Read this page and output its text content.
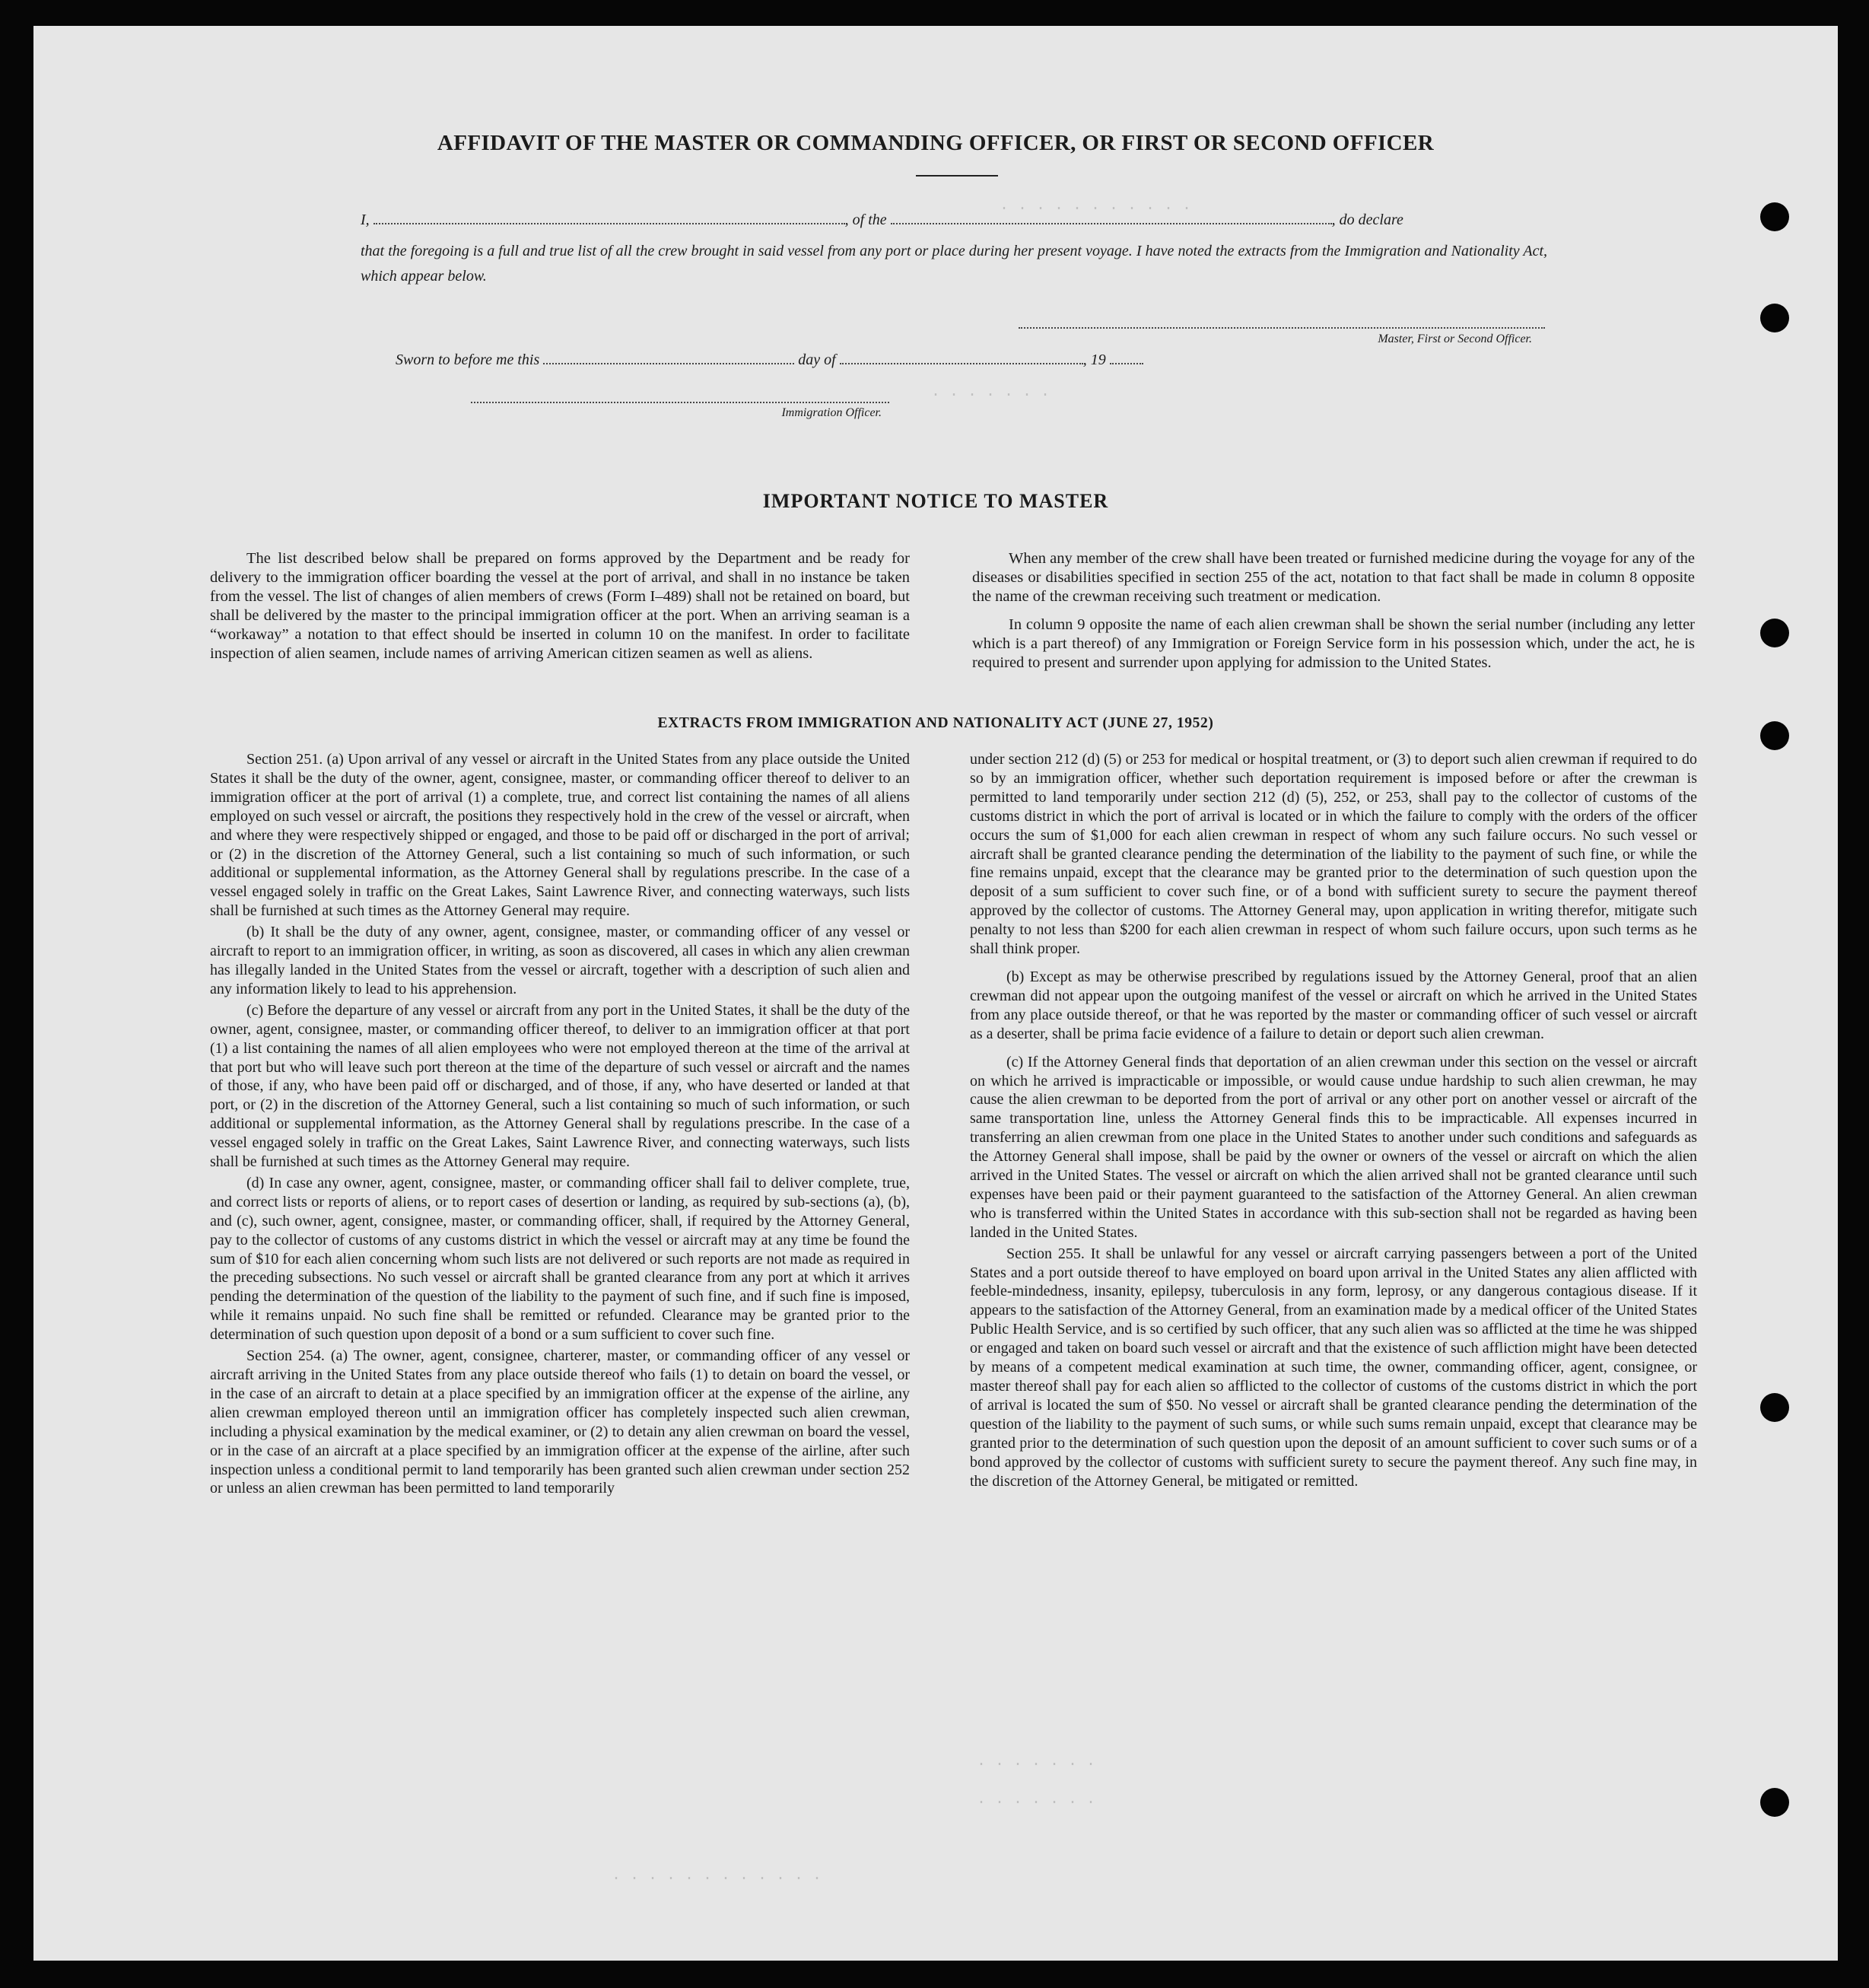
. . . . . . . . . . .
. . . . . . .
. . . . . . .
. . . . . . .
. . . . . . . . . . . .
AFFIDAVIT OF THE MASTER OR COMMANDING OFFICER, OR FIRST OR SECOND OFFICER
I,	, of the	, do declare
that the foregoing is a full and true list of all the crew brought in said vessel from any port or place during her present voyage. I have noted the extracts from the Immigration and Nationality Act, which appear below.
Master, First or Second Officer.
Sworn to before me this	day of	, 19
Immigration Officer.
IMPORTANT NOTICE TO MASTER

The list described below shall be prepared on forms approved by the Department and be ready for delivery to the immigration officer boarding the vessel at the port of arrival, and shall in no instance be taken from the vessel. The list of changes of alien members of crews (Form I–489) shall not be retained on board, but shall be delivered by the master to the principal immigration officer at the port. When an arriving seaman is a “workaway” a notation to that effect should be inserted in column 10 on the manifest. In order to facilitate inspection of alien seamen, include names of arriving American citizen seamen as well as aliens.

When any member of the crew shall have been treated or furnished medicine during the voyage for any of the diseases or disabilities specified in section 255 of the act, notation to that fact shall be made in column 8 opposite the name of the crewman receiving such treatment or medication.

In column 9 opposite the name of each alien crewman shall be shown the serial number (including any letter which is a part thereof) of any Immigration or Foreign Service form in his possession which, under the act, he is required to present and surrender upon applying for admission to the United States.

EXTRACTS FROM IMMIGRATION AND NATIONALITY ACT (JUNE 27, 1952)

Section 251. (a) Upon arrival of any vessel or aircraft in the United States from any place outside the United States it shall be the duty of the owner, agent, consignee, master, or commanding officer thereof to deliver to an immigration officer at the port of arrival (1) a complete, true, and correct list containing the names of all aliens employed on such vessel or aircraft, the positions they respectively hold in the crew of the vessel or aircraft, when and where they were respectively shipped or engaged, and those to be paid off or discharged in the port of arrival; or (2) in the discretion of the Attorney General, such a list containing so much of such information, or such additional or supplemental information, as the Attorney General shall by regulations prescribe. In the case of a vessel engaged solely in traffic on the Great Lakes, Saint Lawrence River, and connecting waterways, such lists shall be furnished at such times as the Attorney General may require.

(b) It shall be the duty of any owner, agent, consignee, master, or commanding officer of any vessel or aircraft to report to an immigration officer, in writing, as soon as discovered, all cases in which any alien crewman has illegally landed in the United States from the vessel or aircraft, together with a description of such alien and any information likely to lead to his apprehension.

(c) Before the departure of any vessel or aircraft from any port in the United States, it shall be the duty of the owner, agent, consignee, master, or commanding officer thereof, to deliver to an immigration officer at that port (1) a list containing the names of all alien employees who were not employed thereon at the time of the arrival at that port but who will leave such port thereon at the time of the departure of such vessel or aircraft and the names of those, if any, who have been paid off or discharged, and of those, if any, who have deserted or landed at that port, or (2) in the discretion of the Attorney General, such a list containing so much of such information, or such additional or supplemental information, as the Attorney General shall by regulations prescribe. In the case of a vessel engaged solely in traffic on the Great Lakes, Saint Lawrence River, and connecting waterways, such lists shall be furnished at such times as the Attorney General may require.

(d) In case any owner, agent, consignee, master, or commanding officer shall fail to deliver complete, true, and correct lists or reports of aliens, or to report cases of desertion or landing, as required by sub-sections (a), (b), and (c), such owner, agent, consignee, master, or commanding officer, shall, if required by the Attorney General, pay to the collector of customs of any customs district in which the vessel or aircraft may at any time be found the sum of $10 for each alien concerning whom such lists are not delivered or such reports are not made as required in the preceding subsections. No such vessel or aircraft shall be granted clearance from any port at which it arrives pending the determination of the question of the liability to the payment of such fine, and if such fine is imposed, while it remains unpaid. No such fine shall be remitted or refunded. Clearance may be granted prior to the determination of such question upon deposit of a bond or a sum sufficient to cover such fine.

Section 254. (a) The owner, agent, consignee, charterer, master, or commanding officer of any vessel or aircraft arriving in the United States from any place outside thereof who fails (1) to detain on board the vessel, or in the case of an aircraft to detain at a place specified by an immigration officer at the expense of the airline, any alien crewman employed thereon until an immigration officer has completely inspected such alien crewman, including a physical examination by the medical examiner, or (2) to detain any alien crewman on board the vessel, or in the case of an aircraft at a place specified by an immigration officer at the expense of the airline, after such inspection unless a conditional permit to land temporarily has been granted such alien crewman under section 252 or unless an alien crewman has been permitted to land temporarily

under section 212 (d) (5) or 253 for medical or hospital treatment, or (3) to deport such alien crewman if required to do so by an immigration officer, whether such deportation requirement is imposed before or after the crewman is permitted to land temporarily under section 212 (d) (5), 252, or 253, shall pay to the collector of customs of the customs district in which the port of arrival is located or in which the failure to comply with the orders of the officer occurs the sum of $1,000 for each alien crewman in respect of whom any such failure occurs. No such vessel or aircraft shall be granted clearance pending the determination of the liability to the payment of such fine, or while the fine remains unpaid, except that the clearance may be granted prior to the determination of such question upon the deposit of a sum sufficient to cover such fine, or of a bond with sufficient surety to secure the payment thereof approved by the collector of customs. The Attorney General may, upon application in writing therefor, mitigate such penalty to not less than $200 for each alien crewman in respect of whom such failure occurs, upon such terms as he shall think proper.

(b) Except as may be otherwise prescribed by regulations issued by the Attorney General, proof that an alien crewman did not appear upon the outgoing manifest of the vessel or aircraft on which he arrived in the United States from any place outside thereof, or that he was reported by the master or commanding officer of such vessel or aircraft as a deserter, shall be prima facie evidence of a failure to detain or deport such alien crewman.

(c) If the Attorney General finds that deportation of an alien crewman under this section on the vessel or aircraft on which he arrived is impracticable or impossible, or would cause undue hardship to such alien crewman, he may cause the alien crewman to be deported from the port of arrival or any other port on another vessel or aircraft of the same transportation line, unless the Attorney General finds this to be impracticable. All expenses incurred in transferring an alien crewman from one place in the United States to another under such conditions and safeguards as the Attorney General shall impose, shall be paid by the owner or owners of the vessel or aircraft on which the alien arrived in the United States. The vessel or aircraft on which the alien arrived shall not be granted clearance until such expenses have been paid or their payment guaranteed to the satisfaction of the Attorney General. An alien crewman who is transferred within the United States in accordance with this sub-section shall not be regarded as having been landed in the United States.

Section 255. It shall be unlawful for any vessel or aircraft carrying passengers between a port of the United States and a port outside thereof to have employed on board upon arrival in the United States any alien afflicted with feeble-mindedness, insanity, epilepsy, tuberculosis in any form, leprosy, or any dangerous contagious disease. If it appears to the satisfaction of the Attorney General, from an examination made by a medical officer of the United States Public Health Service, and is so certified by such officer, that any such alien was so afflicted at the time he was shipped or engaged and taken on board such vessel or aircraft and that the existence of such affliction might have been detected by means of a competent medical examination at such time, the owner, commanding officer, agent, consignee, or master thereof shall pay for each alien so afflicted to the collector of customs of the customs district in which the port of arrival is located the sum of $50. No vessel or aircraft shall be granted clearance pending the determination of the question of the liability to the payment of such sums, or while such sums remain unpaid, except that clearance may be granted prior to the determination of such question upon the deposit of an amount sufficient to cover such sums or of a bond approved by the collector of customs with sufficient surety to secure the payment thereof. Any such fine may, in the discretion of the Attorney General, be mitigated or remitted.
